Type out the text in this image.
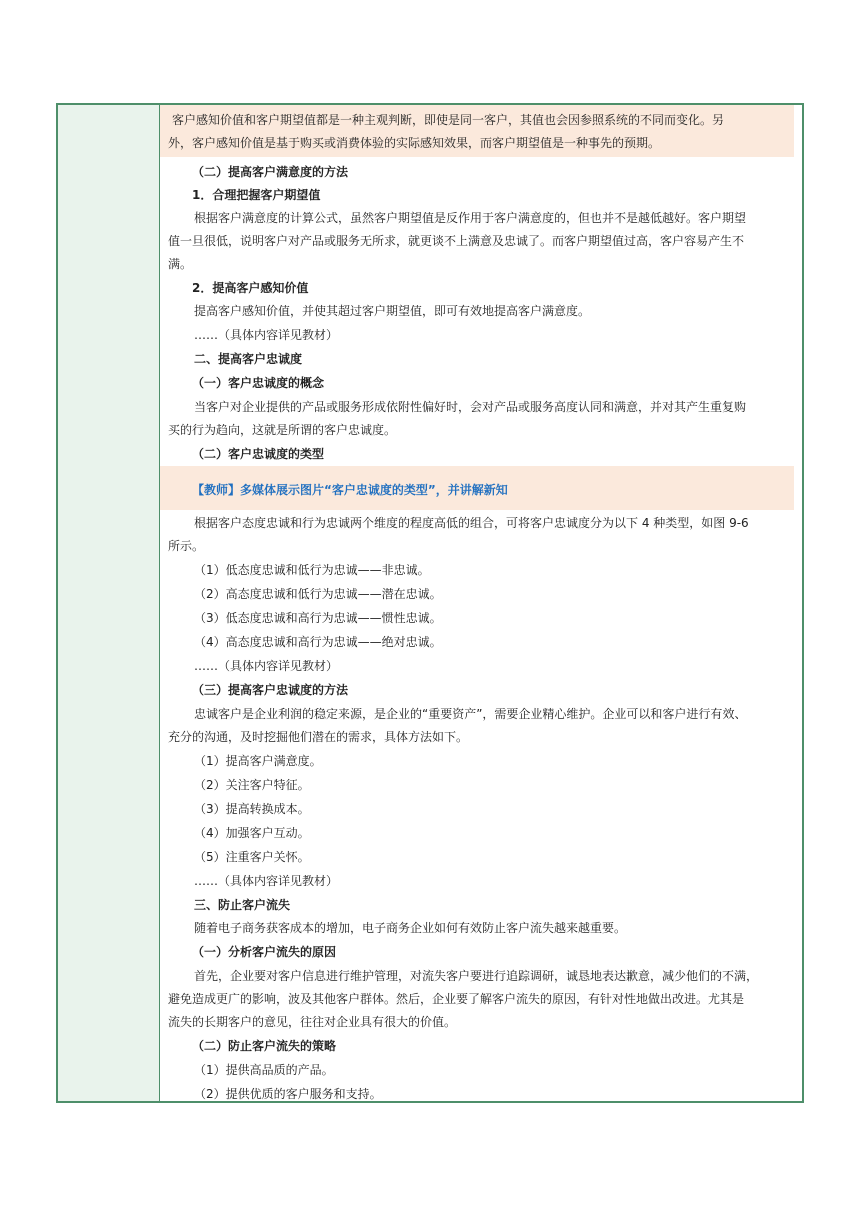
客户感知价值和客户期望值都是一种主观判断，即使是同一客户，其值也会因参照系统的不同而变化。另
外，客户感知价值是基于购买或消费体验的实际感知效果，而客户期望值是一种事先的预期。
（二）提高客户满意度的方法
1．合理把握客户期望值
根据客户满意度的计算公式，虽然客户期望值是反作用于客户满意度的，但也并不是越低越好。客户期望
值一旦很低，说明客户对产品或服务无所求，就更谈不上满意及忠诚了。而客户期望值过高，客户容易产生不
满。
2．提高客户感知价值
提高客户感知价值，并使其超过客户期望值，即可有效地提高客户满意度。
……（具体内容详见教材）
二、提高客户忠诚度
（一）客户忠诚度的概念
当客户对企业提供的产品或服务形成依附性偏好时，会对产品或服务高度认同和满意，并对其产生重复购
买的行为趋向，这就是所谓的客户忠诚度。
（二）客户忠诚度的类型
【教师】多媒体展示图片“客户忠诚度的类型”，并讲解新知
根据客户态度忠诚和行为忠诚两个维度的程度高低的组合，可将客户忠诚度分为以下 4 种类型，如图 9-6
所示。
（1）低态度忠诚和低行为忠诚——非忠诚。
（2）高态度忠诚和低行为忠诚——潜在忠诚。
（3）低态度忠诚和高行为忠诚——惯性忠诚。
（4）高态度忠诚和高行为忠诚——绝对忠诚。
……（具体内容详见教材）
（三）提高客户忠诚度的方法
忠诚客户是企业利润的稳定来源，是企业的“重要资产”，需要企业精心维护。企业可以和客户进行有效、
充分的沟通，及时挖掘他们潜在的需求，具体方法如下。
（1）提高客户满意度。
（2）关注客户特征。
（3）提高转换成本。
（4）加强客户互动。
（5）注重客户关怀。
……（具体内容详见教材）
三、防止客户流失
随着电子商务获客成本的增加，电子商务企业如何有效防止客户流失越来越重要。
（一）分析客户流失的原因
首先，企业要对客户信息进行维护管理，对流失客户要进行追踪调研，诚恳地表达歉意，减少他们的不满，
避免造成更广的影响，波及其他客户群体。然后，企业要了解客户流失的原因，有针对性地做出改进。尤其是
流失的长期客户的意见，往往对企业具有很大的价值。
（二）防止客户流失的策略
（1）提供高品质的产品。
（2）提供优质的客户服务和支持。
